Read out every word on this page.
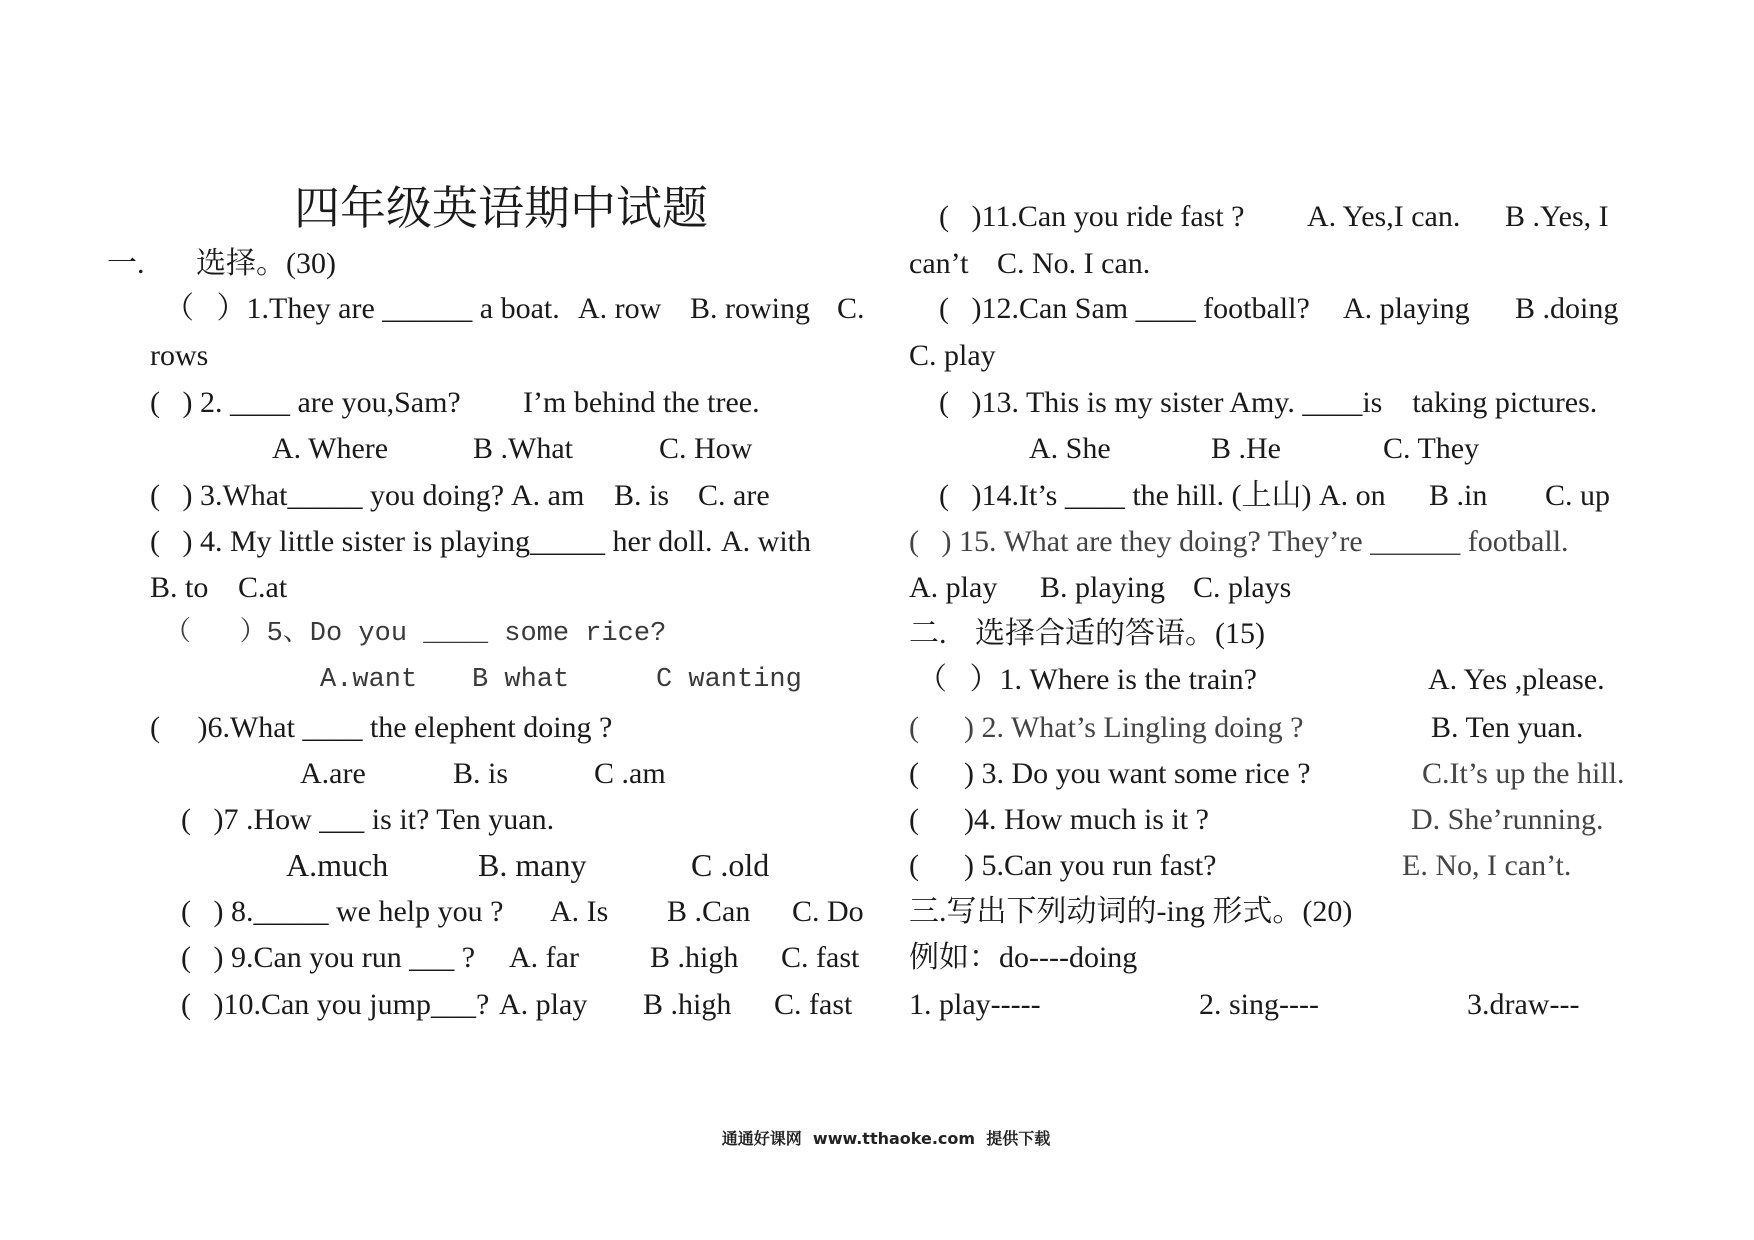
四年级英语期中试题
一. 选择。(30)
（   ）1.They are ______ a boat. A. row B. rowing C.
rows
(   ) 2. ____ are you,Sam? I’m behind the tree.
A. Where	B .What	C. How
(   ) 3.What_____ you doing? A. am B. is C. are
(   ) 4. My little sister is playing_____ her doll. A. with
B. to C.at
（   ）5、Do you ____ some rice?
A.want B what	C wanting
(     )6.What ____ the elephent doing ?
A.are	B. is	C .am
(   )7 .How ___ is it? Ten yuan.
A.much	B. many	C .old
(   ) 8._____ we help you ? A. Is B .Can C. Do
(   ) 9.Can you run ___ ? A. far B .high C. fast
(   )10.Can you jump___? A. play B .high C. fast
(   )11.Can you ride fast ? A. Yes,I can. B .Yes, I
can’t C. No. I can.
(   )12.Can Sam ____ football? A. playing B .doing
C. play
(   )13. This is my sister Amy. ____is    taking pictures.
A. She	B .He	C. They
(   )14.It’s ____ the hill. (上山) A. on B .in C. up
(   ) 15. What are they doing? They’re ______ football.
A. play B. playing C. plays
二. 选择合适的答语。(15)
（   ）1. Where is the train?	A. Yes ,please.
(      ) 2. What’s Lingling doing ?	B. Ten yuan.
(      ) 3. Do you want some rice ?	C.It’s up the hill.
(      )4. How much is it ?	D. She’running.
(      ) 5.Can you run fast?	E. No, I can’t.
三.写出下列动词的-ing 形式。(20)
例如：do----doing
1. play-----	2. sing----	3.draw---
通通好课网  www.tthaoke.com  提供下载
